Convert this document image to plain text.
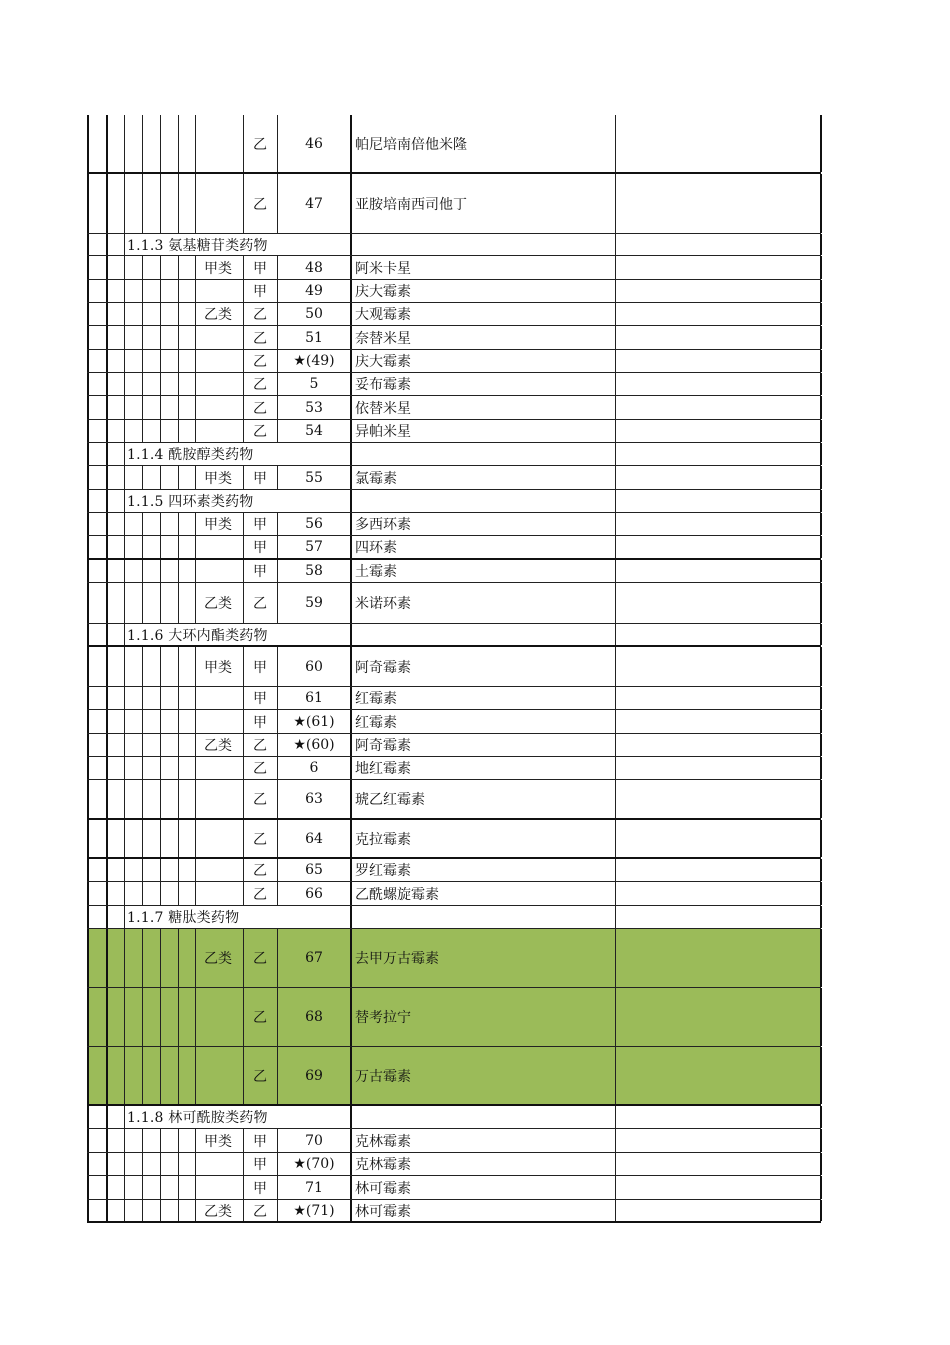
乙	46	帕尼培南倍他米隆
乙	47	亚胺培南西司他丁
1.1.3 氨基糖苷类药物
甲类	甲	48	阿米卡星
甲	49	庆大霉素
乙类	乙	50	大观霉素
乙	51	奈替米星
乙	★(49)	庆大霉素
乙	5	妥布霉素
乙	53	依替米星
乙	54	异帕米星
1.1.4 酰胺醇类药物
甲类	甲	55	氯霉素
1.1.5 四环素类药物
甲类	甲	56	多西环素
甲	57	四环素
甲	58	土霉素
乙类	乙	59	米诺环素
1.1.6 大环内酯类药物
甲类	甲	60	阿奇霉素
甲	61	红霉素
甲	★(61)	红霉素
乙类	乙	★(60)	阿奇霉素
乙	6	地红霉素
乙	63	琥乙红霉素
乙	64	克拉霉素
乙	65	罗红霉素
乙	66	乙酰螺旋霉素
1.1.7 糖肽类药物
乙类	乙	67	去甲万古霉素
乙	68	替考拉宁
乙	69	万古霉素
1.1.8 林可酰胺类药物
甲类	甲	70	克林霉素
甲	★(70)	克林霉素
甲	71	林可霉素
乙类	乙	★(71)	林可霉素
